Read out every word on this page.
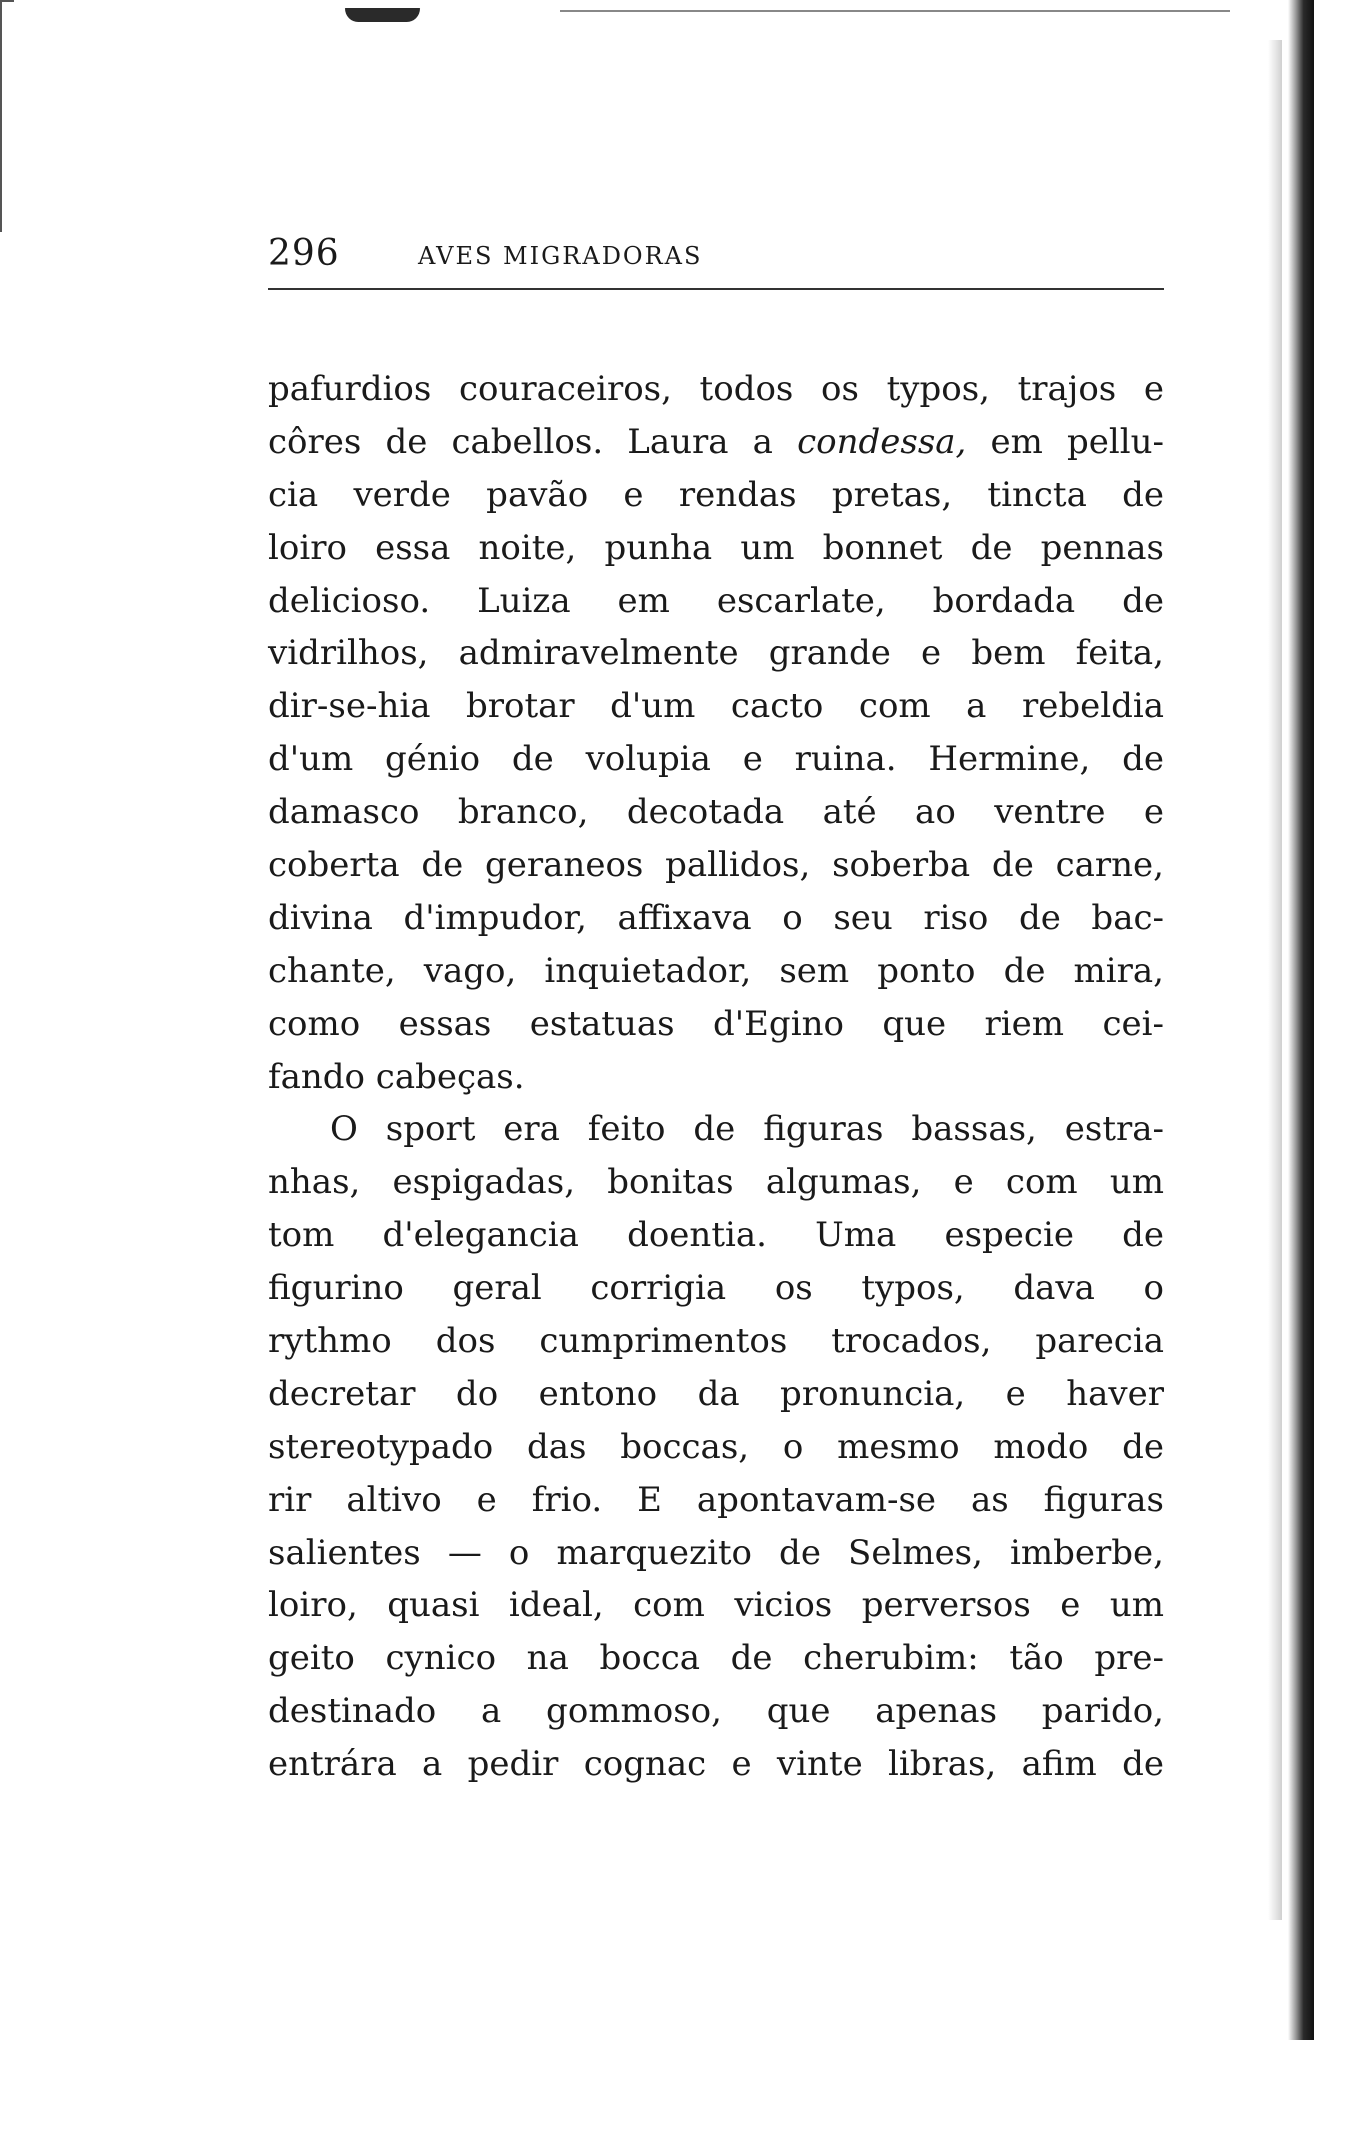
296	AVES MIGRADORAS
pafurdios couraceiros, todos os typos, trajos e
côres de cabellos. Laura a condessa, em pellu-
cia verde pavão e rendas pretas, tincta de
loiro essa noite, punha um bonnet de pennas
delicioso. Luiza em escarlate, bordada de
vidrilhos, admiravelmente grande e bem feita,
dir-se-hia brotar d'um cacto com a rebeldia
d'um génio de volupia e ruina. Hermine, de
damasco branco, decotada até ao ventre e
coberta de geraneos pallidos, soberba de carne,
divina d'impudor, affixava o seu riso de bac-
chante, vago, inquietador, sem ponto de mira,
como essas estatuas d'Egino que riem cei-
fando cabeças.
O sport era feito de figuras bassas, estra-
nhas, espigadas, bonitas algumas, e com um
tom d'elegancia doentia. Uma especie de
figurino geral corrigia os typos, dava o
rythmo dos cumprimentos trocados, parecia
decretar do entono da pronuncia, e haver
stereotypado das boccas, o mesmo modo de
rir altivo e frio. E apontavam-se as figuras
salientes — o marquezito de Selmes, imberbe,
loiro, quasi ideal, com vicios perversos e um
geito cynico na bocca de cherubim: tão pre-
destinado a gommoso, que apenas parido,
entrára a pedir cognac e vinte libras, afim de
